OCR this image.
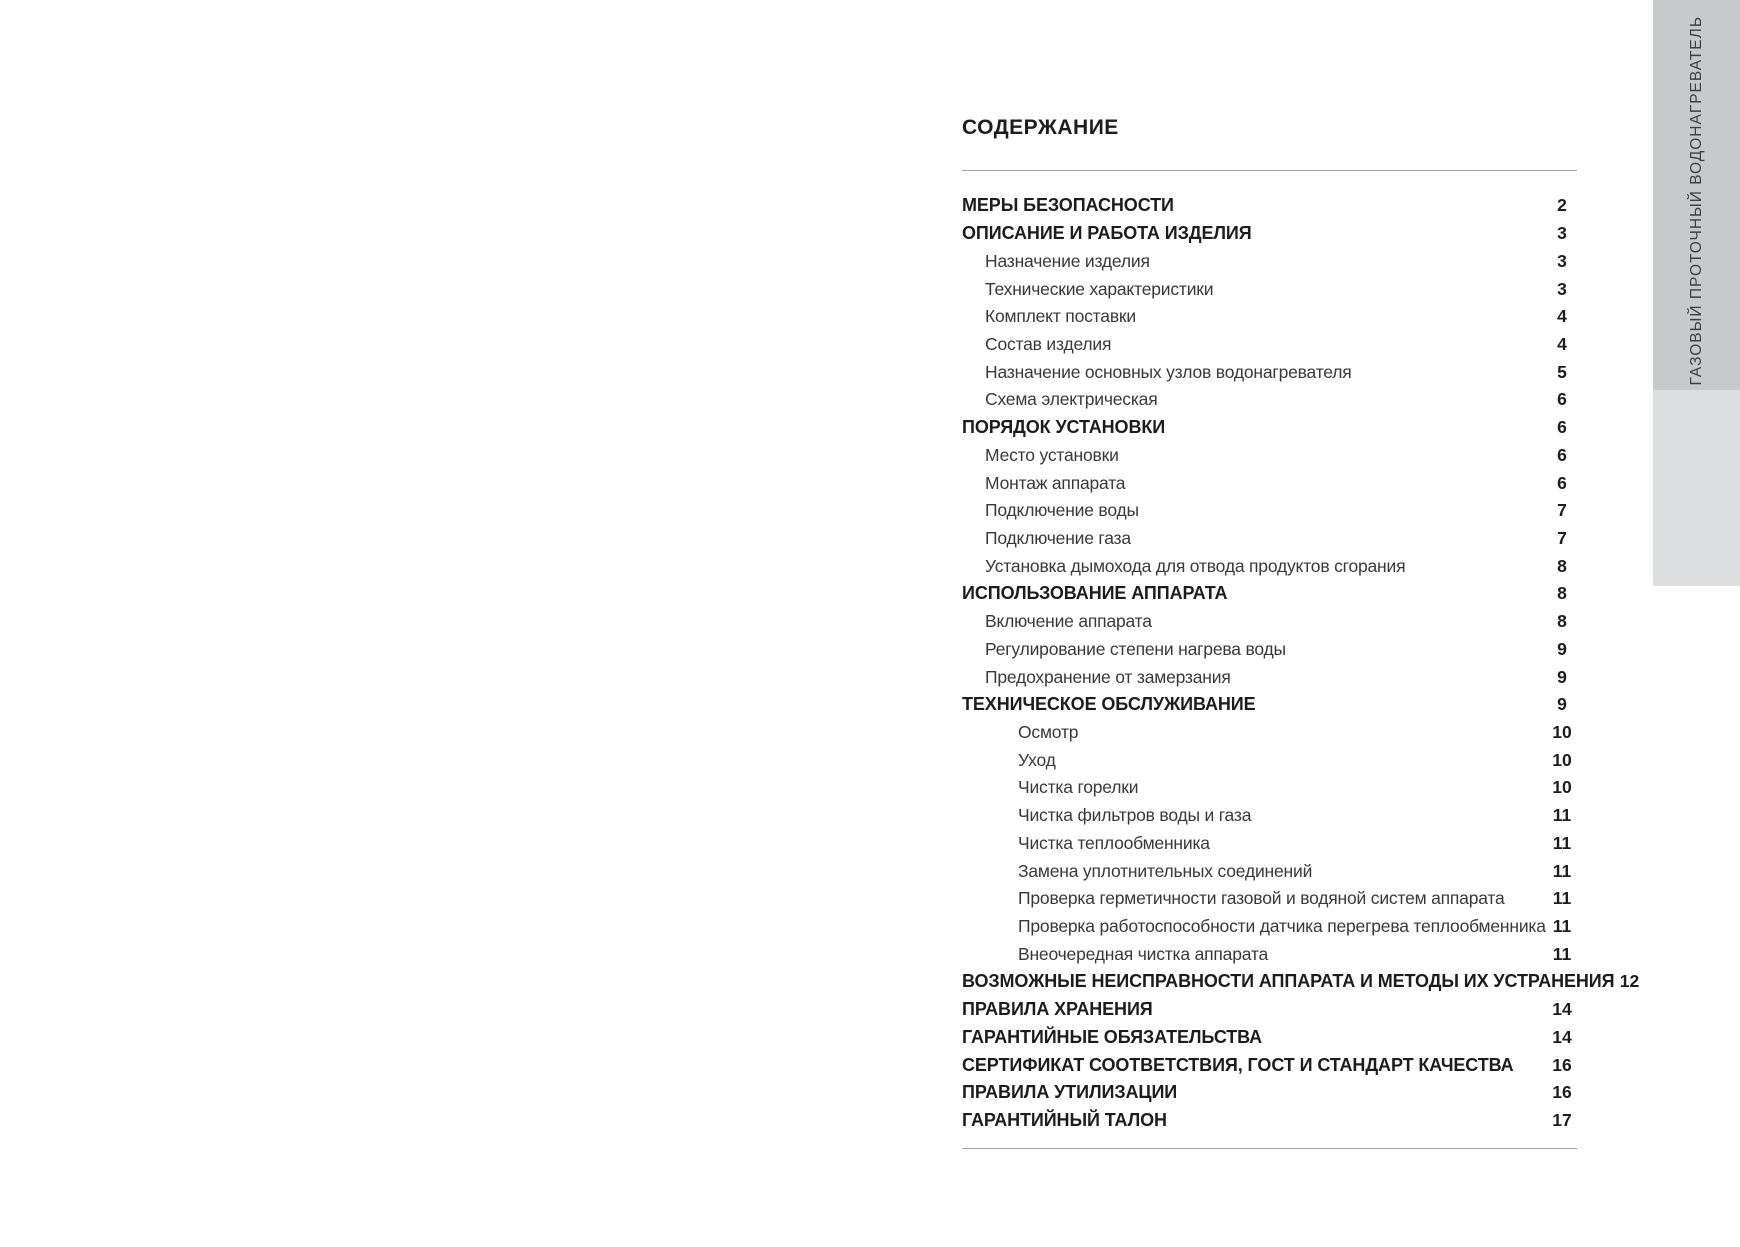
СОДЕРЖАНИЕ
МЕРЫ БЕЗОПАСНОСТИ	2
ОПИСАНИЕ И РАБОТА ИЗДЕЛИЯ	3
Назначение изделия	3
Технические характеристики	3
Комплект поставки	4
Состав изделия	4
Назначение основных узлов водонагревателя	5
Схема электрическая	6
ПОРЯДОК УСТАНОВКИ	6
Место установки	6
Монтаж аппарата	6
Подключение воды	7
Подключение газа	7
Установка дымохода для отвода продуктов сгорания	8
ИСПОЛЬЗОВАНИЕ АППАРАТА	8
Включение аппарата	8
Регулирование степени нагрева воды	9
Предохранение от замерзания	9
ТЕХНИЧЕСКОЕ ОБСЛУЖИВАНИЕ	9
Осмотр	10
Уход	10
Чистка горелки	10
Чистка фильтров воды и газа	11
Чистка теплообменника	11
Замена уплотнительных соединений	11
Проверка герметичности газовой и водяной систем аппарата	11
Проверка работоспособности датчика перегрева теплообменника 11
Внеочередная чистка аппарата	11
ВОЗМОЖНЫЕ НЕИСПРАВНОСТИ АППАРАТА И МЕТОДЫ ИХ УСТРАНЕНИЯ 12
ПРАВИЛА ХРАНЕНИЯ	14
ГАРАНТИЙНЫЕ ОБЯЗАТЕЛЬСТВА	14
СЕРТИФИКАТ СООТВЕТСТВИЯ, ГОСТ И СТАНДАРТ КАЧЕСТВА	16
ПРАВИЛА УТИЛИЗАЦИИ	16
ГАРАНТИЙНЫЙ ТАЛОН	17
ГАЗОВЫЙ ПРОТОЧНЫЙ ВОДОНАГРЕВАТЕЛЬ
